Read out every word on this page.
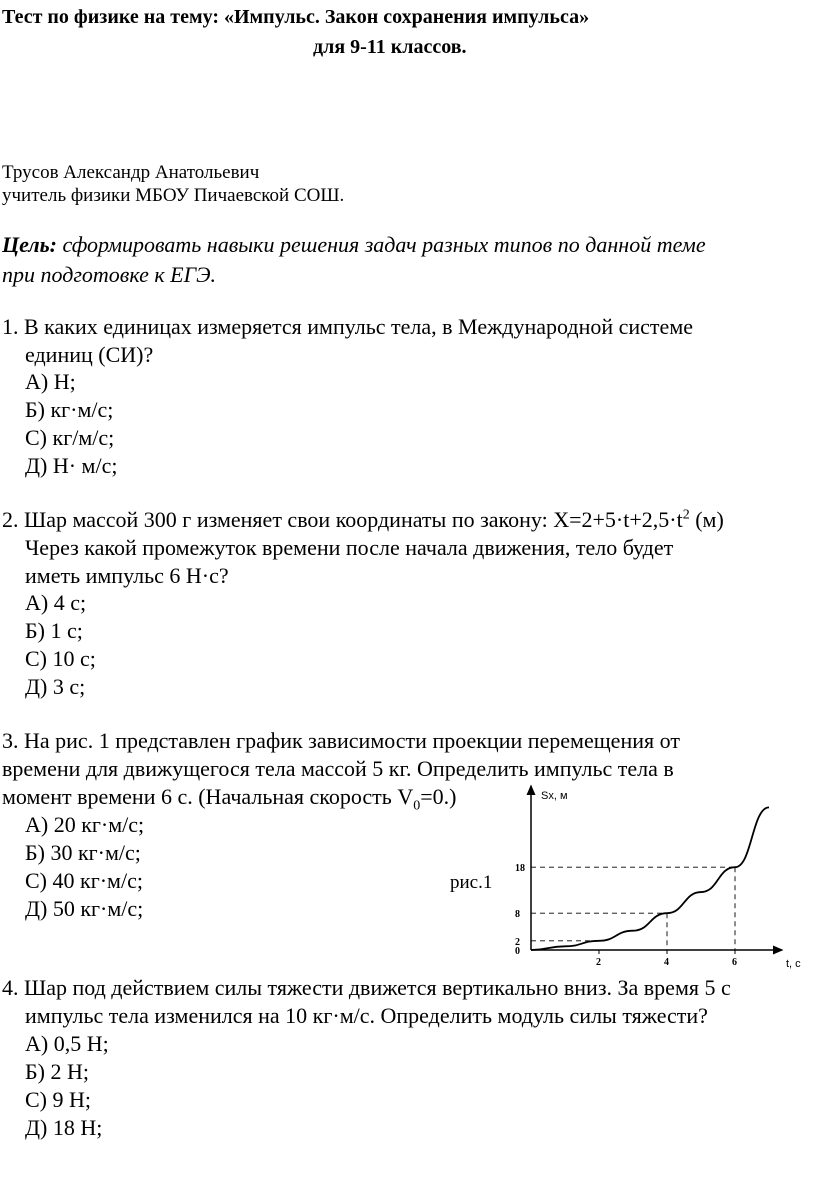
Тест по физике на тему: «Импульс. Закон сохранения импульса»
для 9-11 классов.
Трусов Александр Анатольевич
учитель физики МБОУ Пичаевской СОШ.
Цель: сформировать навыки решения задач разных типов по данной теме
при подготовке к ЕГЭ.
1. В каких единицах измеряется импульс тела, в Международной системе
единиц (СИ)?
А) Н;
Б) кг·м/с;
С) кг/м/с;
Д) Н· м/с;
2. Шар массой 300 г изменяет свои координаты по закону: $X=2+5\cdot t+2,5\cdot t^2$ (м)
Через какой промежуток времени после начала движения, тело будет
иметь импульс 6 Н·с?
А) 4 с;
Б) 1 с;
С) 10 с;
Д) 3 с;
3. На рис. 1 представлен график зависимости проекции перемещения от
времени для движущегося тела массой 5 кг. Определить импульс тела в
момент времени 6 с. (Начальная скорость $V_0=0$.)
А) 20 кг·м/с;
Б) 30 кг·м/с;
С) 40 кг·м/с;
Д) 50 кг·м/с;
рис.1
Sx, м
t, c
2	4	6
0
2
8
18
4. Шар под действием силы тяжести движется вертикально вниз. За время 5 с
импульс тела изменился на 10 кг·м/с. Определить модуль силы тяжести?
А) 0,5 Н;
Б) 2 Н;
С) 9 Н;
Д) 18 Н;
